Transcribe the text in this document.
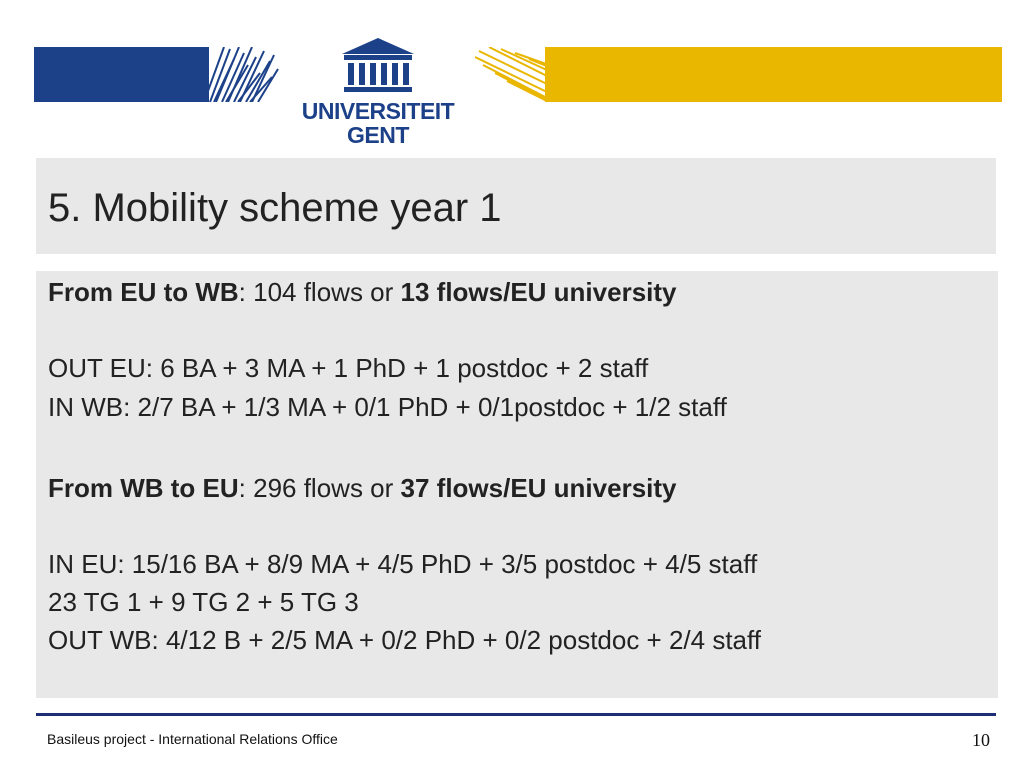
UNIVERSITEIT
GENT
5. Mobility scheme year 1

From EU to WB: 104 flows or 13 flows/EU university

OUT EU: 6 BA + 3 MA + 1 PhD + 1 postdoc + 2 staff

IN WB: 2/7 BA + 1/3 MA + 0/1 PhD + 0/1postdoc + 1/2 staff

From WB to EU: 296 flows or 37 flows/EU university

IN EU: 15/16 BA + 8/9 MA + 4/5 PhD + 3/5 postdoc + 4/5 staff

23 TG 1 + 9 TG 2 + 5 TG 3

OUT WB: 4/12 B + 2/5 MA + 0/2 PhD + 0/2 postdoc + 2/4 staff

Basileus project - International Relations Office	10
